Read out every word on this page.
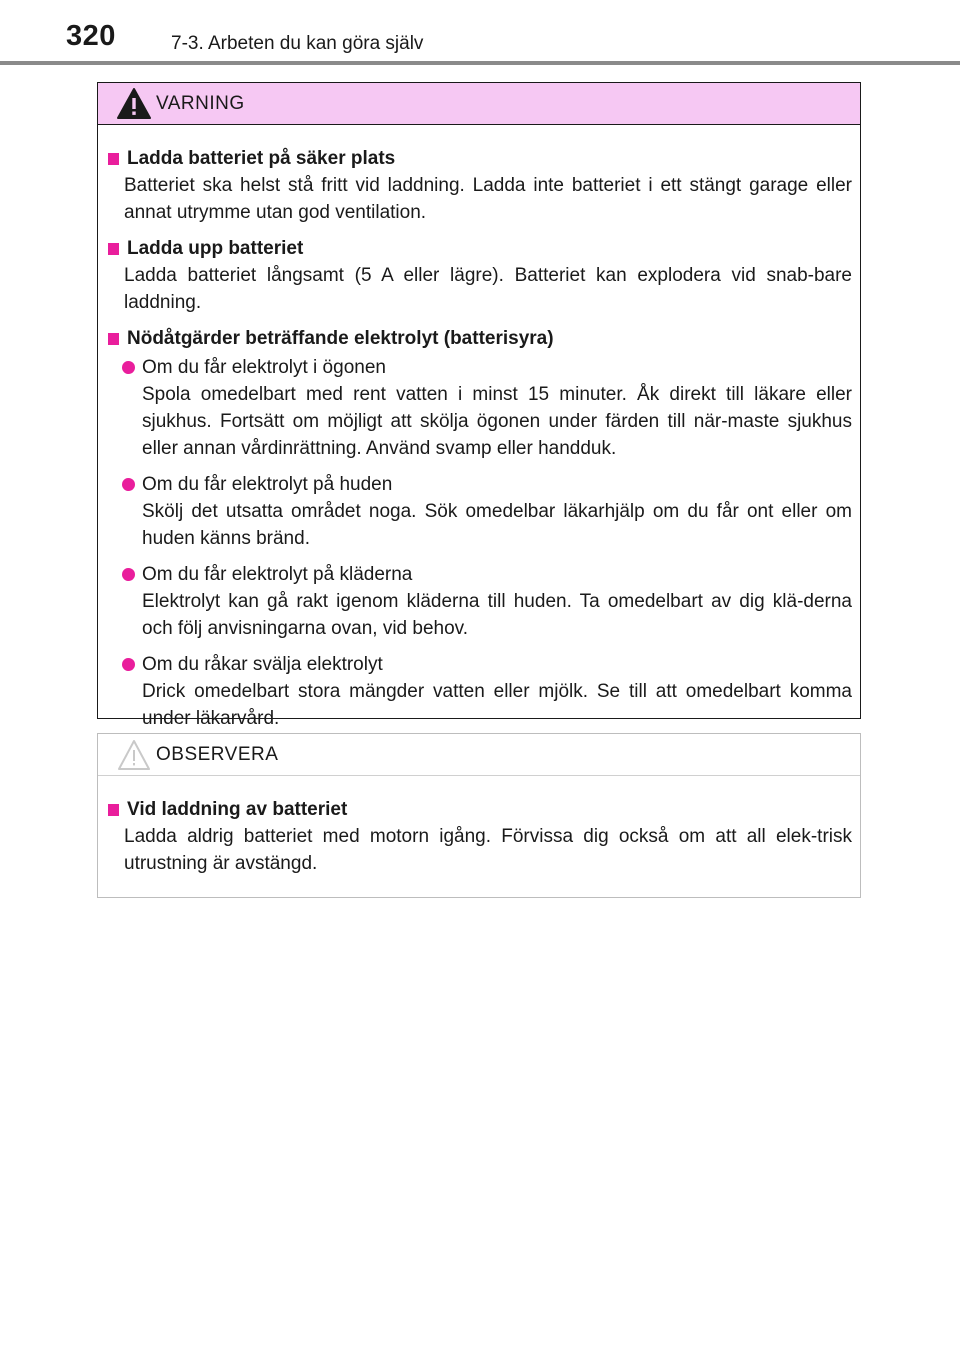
320	7-3. Arbeten du kan göra själv
VARNING
Ladda batteriet på säker plats
Batteriet ska helst stå fritt vid laddning. Ladda inte batteriet i ett stängt garage eller annat utrymme utan god ventilation.
Ladda upp batteriet
Ladda batteriet långsamt (5 A eller lägre). Batteriet kan explodera vid snab-bare laddning.
Nödåtgärder beträffande elektrolyt (batterisyra)
Om du får elektrolyt i ögonen
Spola omedelbart med rent vatten i minst 15 minuter. Åk direkt till läkare eller sjukhus. Fortsätt om möjligt att skölja ögonen under färden till när-maste sjukhus eller annan vårdinrättning. Använd svamp eller handduk.
Om du får elektrolyt på huden
Skölj det utsatta området noga. Sök omedelbar läkarhjälp om du får ont eller om huden känns bränd.
Om du får elektrolyt på kläderna
Elektrolyt kan gå rakt igenom kläderna till huden. Ta omedelbart av dig klä-derna och följ anvisningarna ovan, vid behov.
Om du råkar svälja elektrolyt
Drick omedelbart stora mängder vatten eller mjölk. Se till att omedelbart komma under läkarvård.
OBSERVERA
Vid laddning av batteriet
Ladda aldrig batteriet med motorn igång. Förvissa dig också om att all elek-trisk utrustning är avstängd.
